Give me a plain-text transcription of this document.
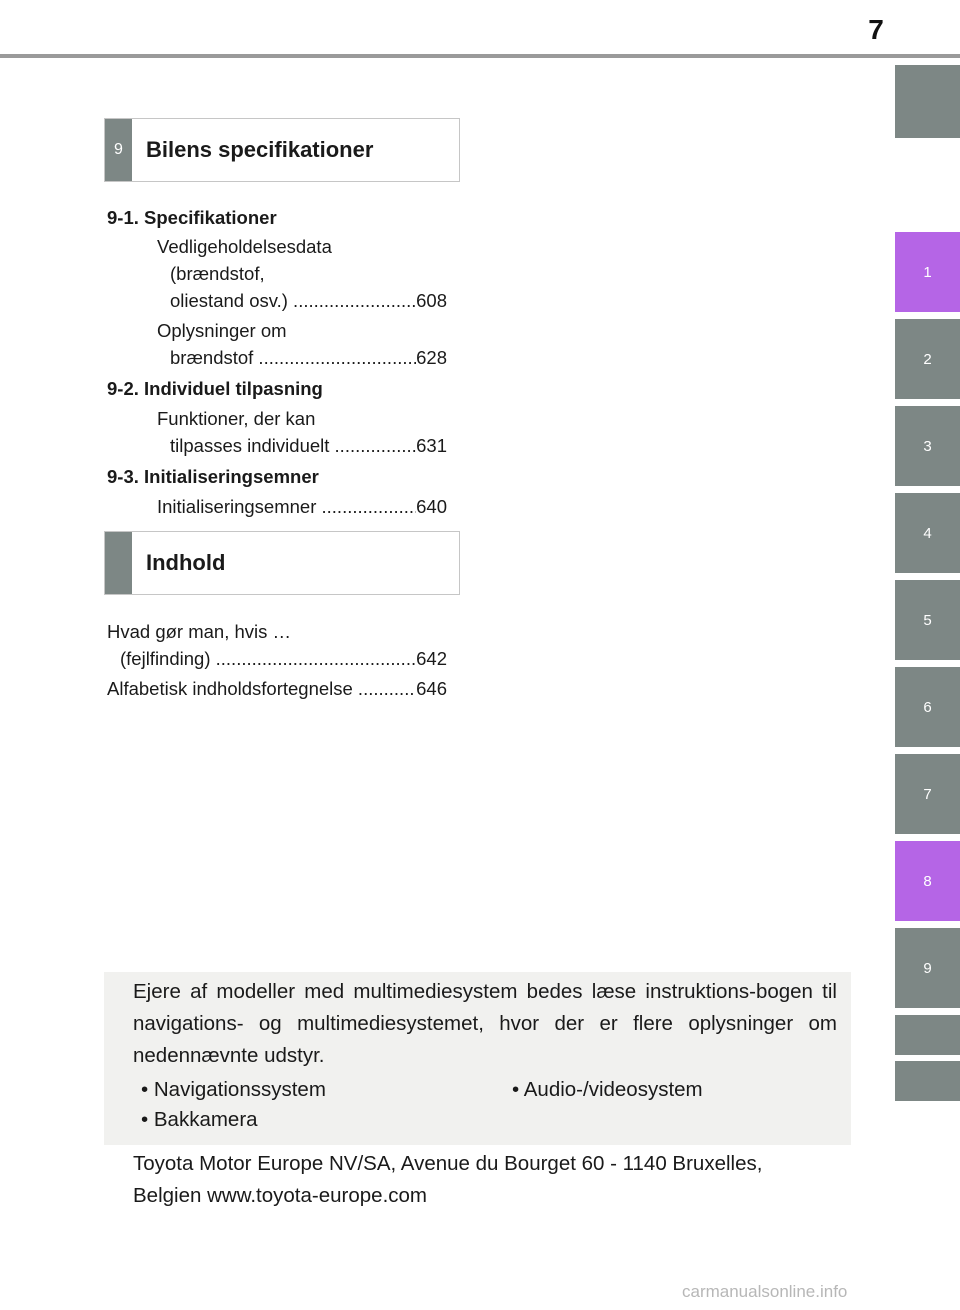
7
1
2
3
4
5
6
7
8
9
9	Bilens specifikationer
9-1. Specifikationer
Vedligeholdelsesdata
(brændstof,
oliestand osv.) .....	608
Oplysninger om
brændstof .....	628
9-2. Individuel tilpasning
Funktioner, der kan
tilpasses individuelt .....	631
9-3. Initialiseringsemner
Initialiseringsemner .....	640
Indhold
Hvad gør man, hvis …
(fejlfinding) .....	642
Alfabetisk indholdsfortegnelse .....	646

Ejere af modeller med multimediesystem bedes læse instruktions-bogen til navigations- og multimediesystemet, hvor der er flere oplysninger om nedennævnte udstyr.

• Navigationssystem	• Audio-/videosystem
• Bakkamera
Toyota Motor Europe NV/SA, Avenue du Bourget 60 - 1140 Bruxelles, Belgien www.toyota-europe.com
carmanualsonline.info
